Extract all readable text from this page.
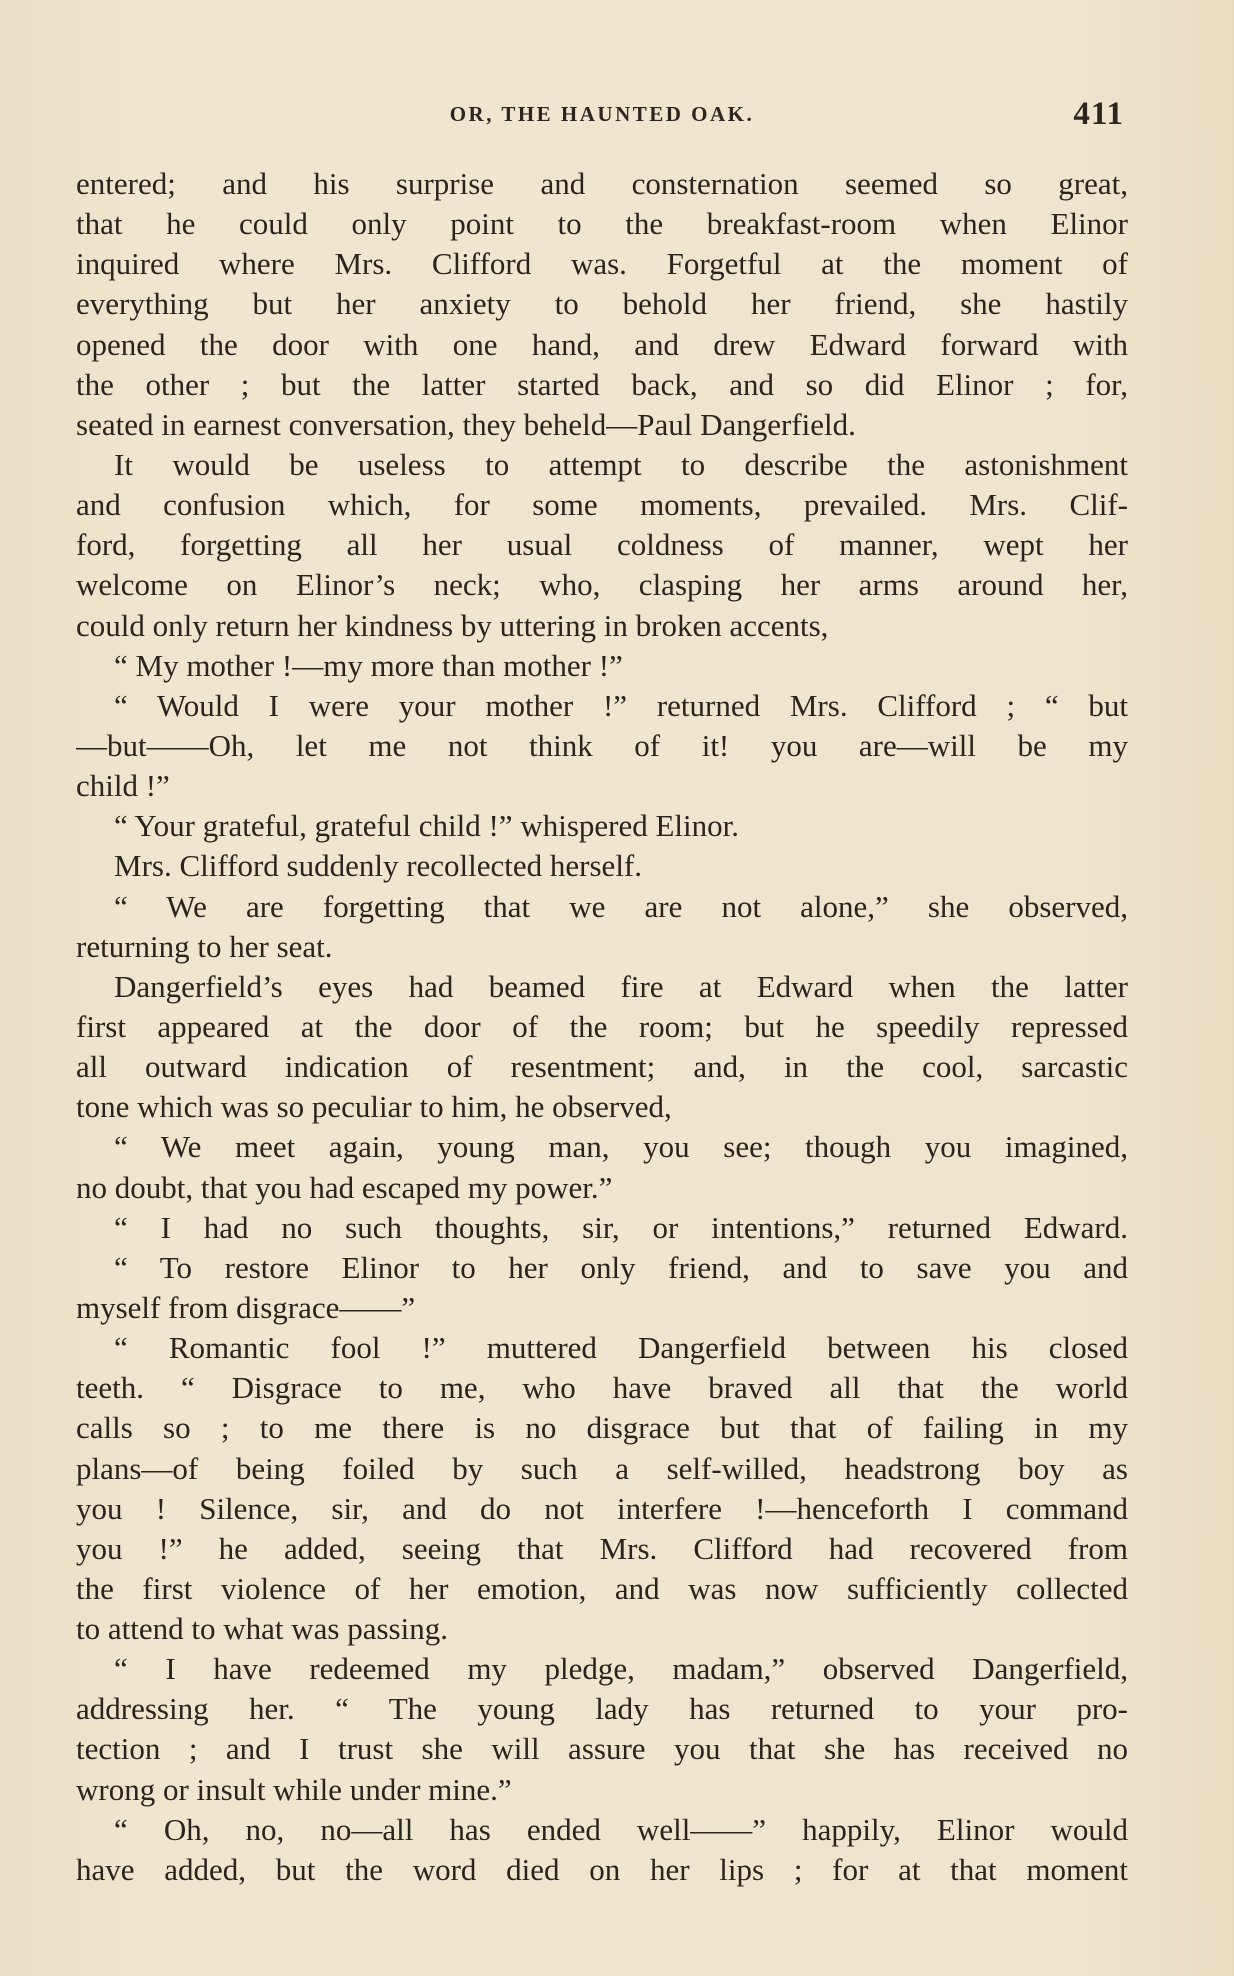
OR, THE HAUNTED OAK.	411
entered; and his surprise and consternation seemed so great,
that he could only point to the breakfast-room when Elinor
inquired where Mrs. Clifford was. Forgetful at the moment of
everything but her anxiety to behold her friend, she hastily
opened the door with one hand, and drew Edward forward with
the other ; but the latter started back, and so did Elinor ; for,
seated in earnest conversation, they beheld—Paul Dangerfield.
It would be useless to attempt to describe the astonishment
and confusion which, for some moments, prevailed. Mrs. Clif-
ford, forgetting all her usual coldness of manner, wept her
welcome on Elinor’s neck; who, clasping her arms around her,
could only return her kindness by uttering in broken accents,
“ My mother !—my more than mother !”
“ Would I were your mother !” returned Mrs. Clifford ; “ but
—but——Oh, let me not think of it! you are—will be my
child !”
“ Your grateful, grateful child !” whispered Elinor.
Mrs. Clifford suddenly recollected herself.
“ We are forgetting that we are not alone,” she observed,
returning to her seat.
Dangerfield’s eyes had beamed fire at Edward when the latter
first appeared at the door of the room; but he speedily repressed
all outward indication of resentment; and, in the cool, sarcastic
tone which was so peculiar to him, he observed,
“ We meet again, young man, you see; though you imagined,
no doubt, that you had escaped my power.”
“ I had no such thoughts, sir, or intentions,” returned Edward.
“ To restore Elinor to her only friend, and to save you and
myself from disgrace——”
“ Romantic fool !” muttered Dangerfield between his closed
teeth. “ Disgrace to me, who have braved all that the world
calls so ; to me there is no disgrace but that of failing in my
plans—of being foiled by such a self-willed, headstrong boy as
you ! Silence, sir, and do not interfere !—henceforth I command
you !” he added, seeing that Mrs. Clifford had recovered from
the first violence of her emotion, and was now sufficiently collected
to attend to what was passing.
“ I have redeemed my pledge, madam,” observed Dangerfield,
addressing her. “ The young lady has returned to your pro-
tection ; and I trust she will assure you that she has received no
wrong or insult while under mine.”
“ Oh, no, no—all has ended well——” happily, Elinor would
have added, but the word died on her lips ; for at that moment
